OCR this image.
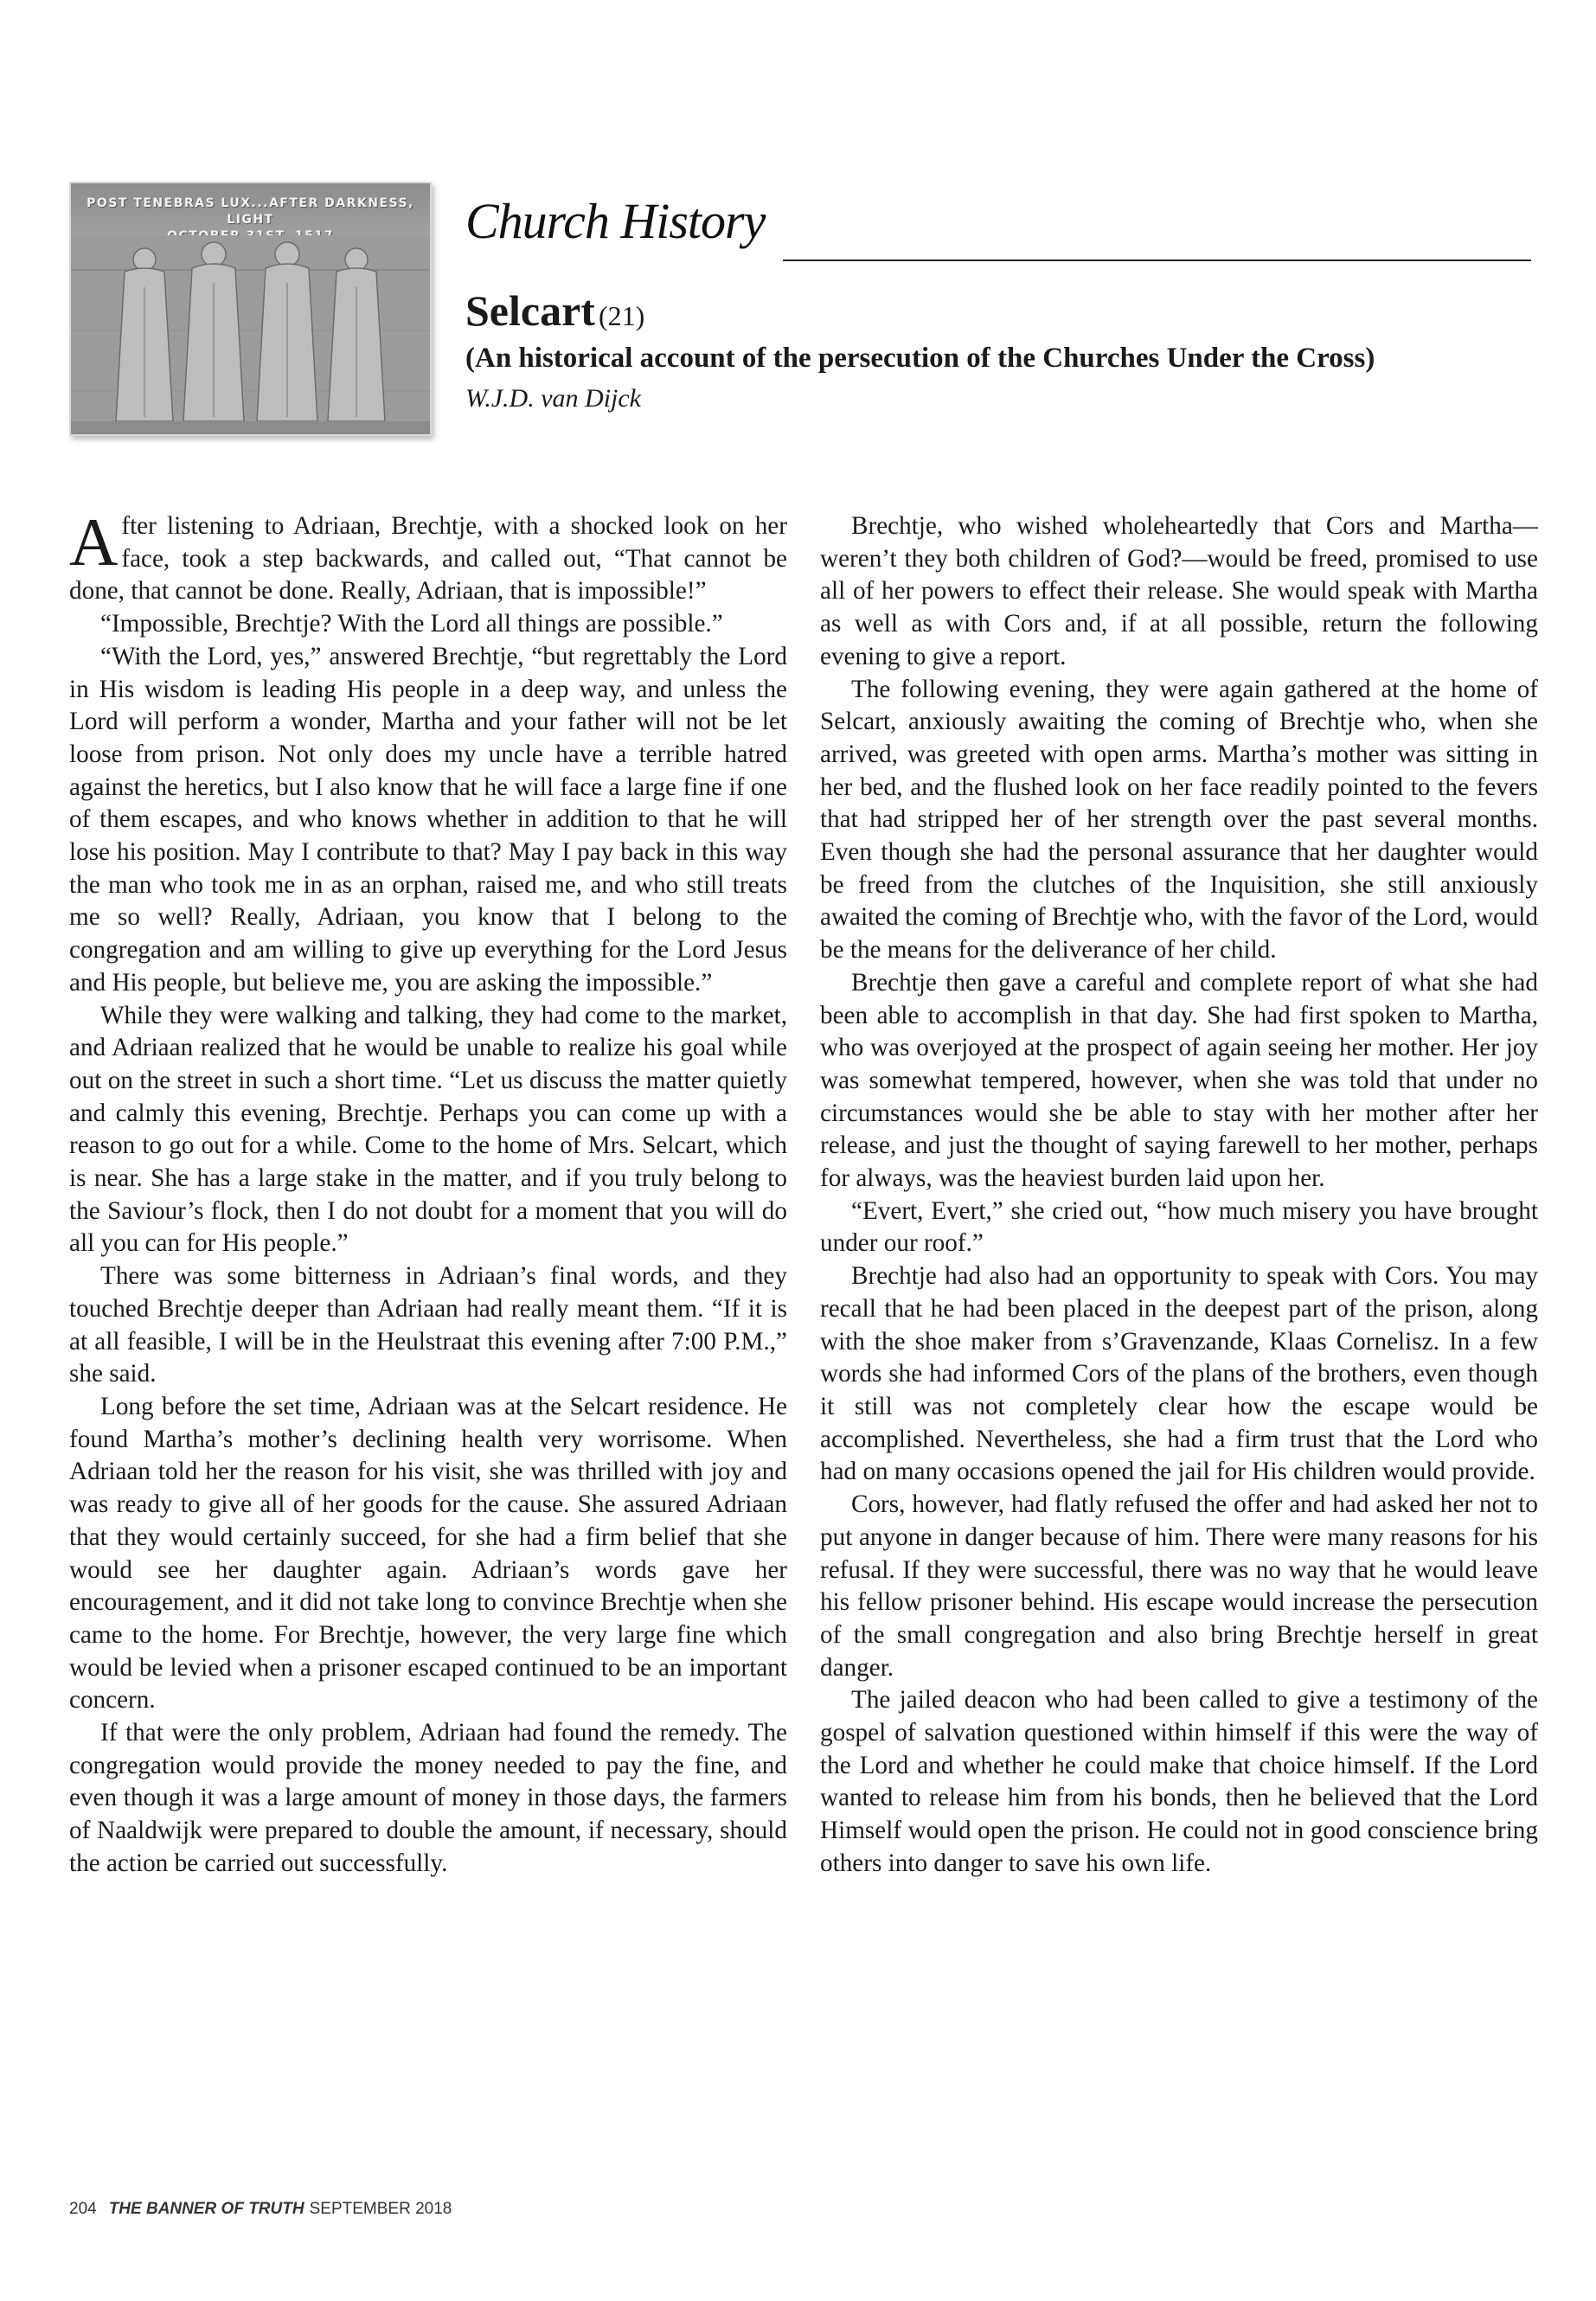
POST TENEBRAS LUX...AFTER DARKNESS, LIGHT	Church History
Selcart (21)

(An historical account of the persecution of the Churches Under the Cross)

W.J.D. van Dijck

After listening to Adriaan, Brechtje, with a shocked look on her face, took a step backwards, and called out, “That cannot be done, that cannot be done. Really, Adriaan, that is impossible!”

“Impossible, Brechtje? With the Lord all things are possible.”

“With the Lord, yes,” answered Brechtje, “but regrettably the Lord in His wisdom is leading His people in a deep way, and unless the Lord will perform a wonder, Martha and your father will not be let loose from prison. Not only does my uncle have a terrible hatred against the heretics, but I also know that he will face a large fine if one of them escapes, and who knows whether in addition to that he will lose his position. May I contribute to that? May I pay back in this way the man who took me in as an orphan, raised me, and who still treats me so well? Really, Adriaan, you know that I belong to the congregation and am willing to give up everything for the Lord Jesus and His people, but believe me, you are asking the impossible.”

While they were walking and talking, they had come to the market, and Adriaan realized that he would be unable to realize his goal while out on the street in such a short time. “Let us discuss the matter quietly and calmly this evening, Brechtje. Perhaps you can come up with a reason to go out for a while. Come to the home of Mrs. Selcart, which is near. She has a large stake in the matter, and if you truly belong to the Saviour’s flock, then I do not doubt for a moment that you will do all you can for His people.”

There was some bitterness in Adriaan’s final words, and they touched Brechtje deeper than Adriaan had really meant them. “If it is at all feasible, I will be in the Heulstraat this evening after 7:00 P.M.,” she said.

Long before the set time, Adriaan was at the Selcart residence. He found Martha’s mother’s declining health very worrisome. When Adriaan told her the reason for his visit, she was thrilled with joy and was ready to give all of her goods for the cause. She assured Adriaan that they would certainly succeed, for she had a firm belief that she would see her daughter again. Adriaan’s words gave her encouragement, and it did not take long to convince Brechtje when she came to the home. For Brechtje, however, the very large fine which would be levied when a prisoner escaped continued to be an important concern.

If that were the only problem, Adriaan had found the remedy. The congregation would provide the money needed to pay the fine, and even though it was a large amount of money in those days, the farmers of Naaldwijk were prepared to double the amount, if necessary, should the action be carried out successfully.

Brechtje, who wished wholeheartedly that Cors and Martha—weren’t they both children of God?—would be freed, promised to use all of her powers to effect their release. She would speak with Martha as well as with Cors and, if at all possible, return the following evening to give a report.

The following evening, they were again gathered at the home of Selcart, anxiously awaiting the coming of Brechtje who, when she arrived, was greeted with open arms. Martha’s mother was sitting in her bed, and the flushed look on her face readily pointed to the fevers that had stripped her of her strength over the past several months. Even though she had the personal assurance that her daughter would be freed from the clutches of the Inquisition, she still anxiously awaited the coming of Brechtje who, with the favor of the Lord, would be the means for the deliverance of her child.

Brechtje then gave a careful and complete report of what she had been able to accomplish in that day. She had first spoken to Martha, who was overjoyed at the prospect of again seeing her mother. Her joy was somewhat tempered, however, when she was told that under no circumstances would she be able to stay with her mother after her release, and just the thought of saying farewell to her mother, perhaps for always, was the heaviest burden laid upon her.

“Evert, Evert,” she cried out, “how much misery you have brought under our roof.”

Brechtje had also had an opportunity to speak with Cors. You may recall that he had been placed in the deepest part of the prison, along with the shoe maker from s’Gravenzande, Klaas Cornelisz. In a few words she had informed Cors of the plans of the brothers, even though it still was not completely clear how the escape would be accomplished. Nevertheless, she had a firm trust that the Lord who had on many occasions opened the jail for His children would provide.

Cors, however, had flatly refused the offer and had asked her not to put anyone in danger because of him. There were many reasons for his refusal. If they were successful, there was no way that he would leave his fellow prisoner behind. His escape would increase the persecution of the small congregation and also bring Brechtje herself in great danger.

The jailed deacon who had been called to give a testimony of the gospel of salvation questioned within himself if this were the way of the Lord and whether he could make that choice himself. If the Lord wanted to release him from his bonds, then he believed that the Lord Himself would open the prison. He could not in good conscience bring others into danger to save his own life.

204 THE BANNER OF TRUTH SEPTEMBER 2018
